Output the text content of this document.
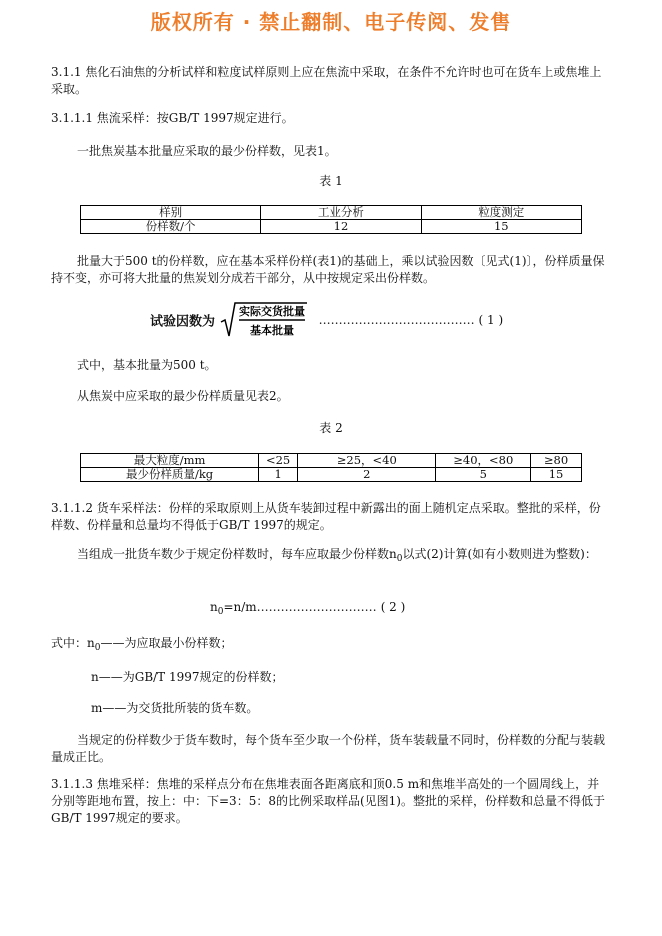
版权所有 · 禁止翻制、电子传阅、发售
3.1.1 焦化石油焦的分析试样和粒度试样原则上应在焦流中采取，在条件不允许时也可在货车上或焦堆上采取。
3.1.1.1 焦流采样：按GB/T 1997规定进行。
一批焦炭基本批量应采取的最少份样数，见表1。
表 1
样别	工业分析	粒度测定
份样数/个	12	15
批量大于500 t的份样数，应在基本采样份样(表1)的基础上，乘以试验因数〔见式(1)〕，份样质量保持不变，亦可将大批量的焦炭划分成若干部分，从中按规定采出份样数。
试验因数为
实际交货批量
基本批量
………………………………… ( 1 )
式中，基本批量为500 t。
从焦炭中应采取的最少份样质量见表2。
表 2
最大粒度/mm	<25	≥25，<40	≥40，<80	≥80
最少份样质量/kg	1	2	5	15
3.1.1.2 货车采样法：份样的采取原则上从货车装卸过程中新露出的面上随机定点采取。整批的采样，份样数、份样量和总量均不得低于GB/T 1997的规定。
当组成一批货车数少于规定份样数时，每车应取最少份样数$n_0$以式(2)计算(如有小数则进为整数)：
$n_0=n/m\dots\dots\dots\dots\dots\dots\dots\dots\dots\dots$ ( 2 )
式中：$n_0——$为应取最小份样数；
n——为GB/T 1997规定的份样数；
m——为交货批所装的货车数。
当规定的份样数少于货车数时，每个货车至少取一个份样，货车装载量不同时，份样数的分配与装载量成正比。
3.1.1.3 焦堆采样：焦堆的采样点分布在焦堆表面各距离底和顶0.5 m和焦堆半高处的一个圆周线上，并分别等距地布置，按上：中：下=3：5：8的比例采取样品(见图1)。整批的采样，份样数和总量不得低于GB/T 1997规定的要求。
